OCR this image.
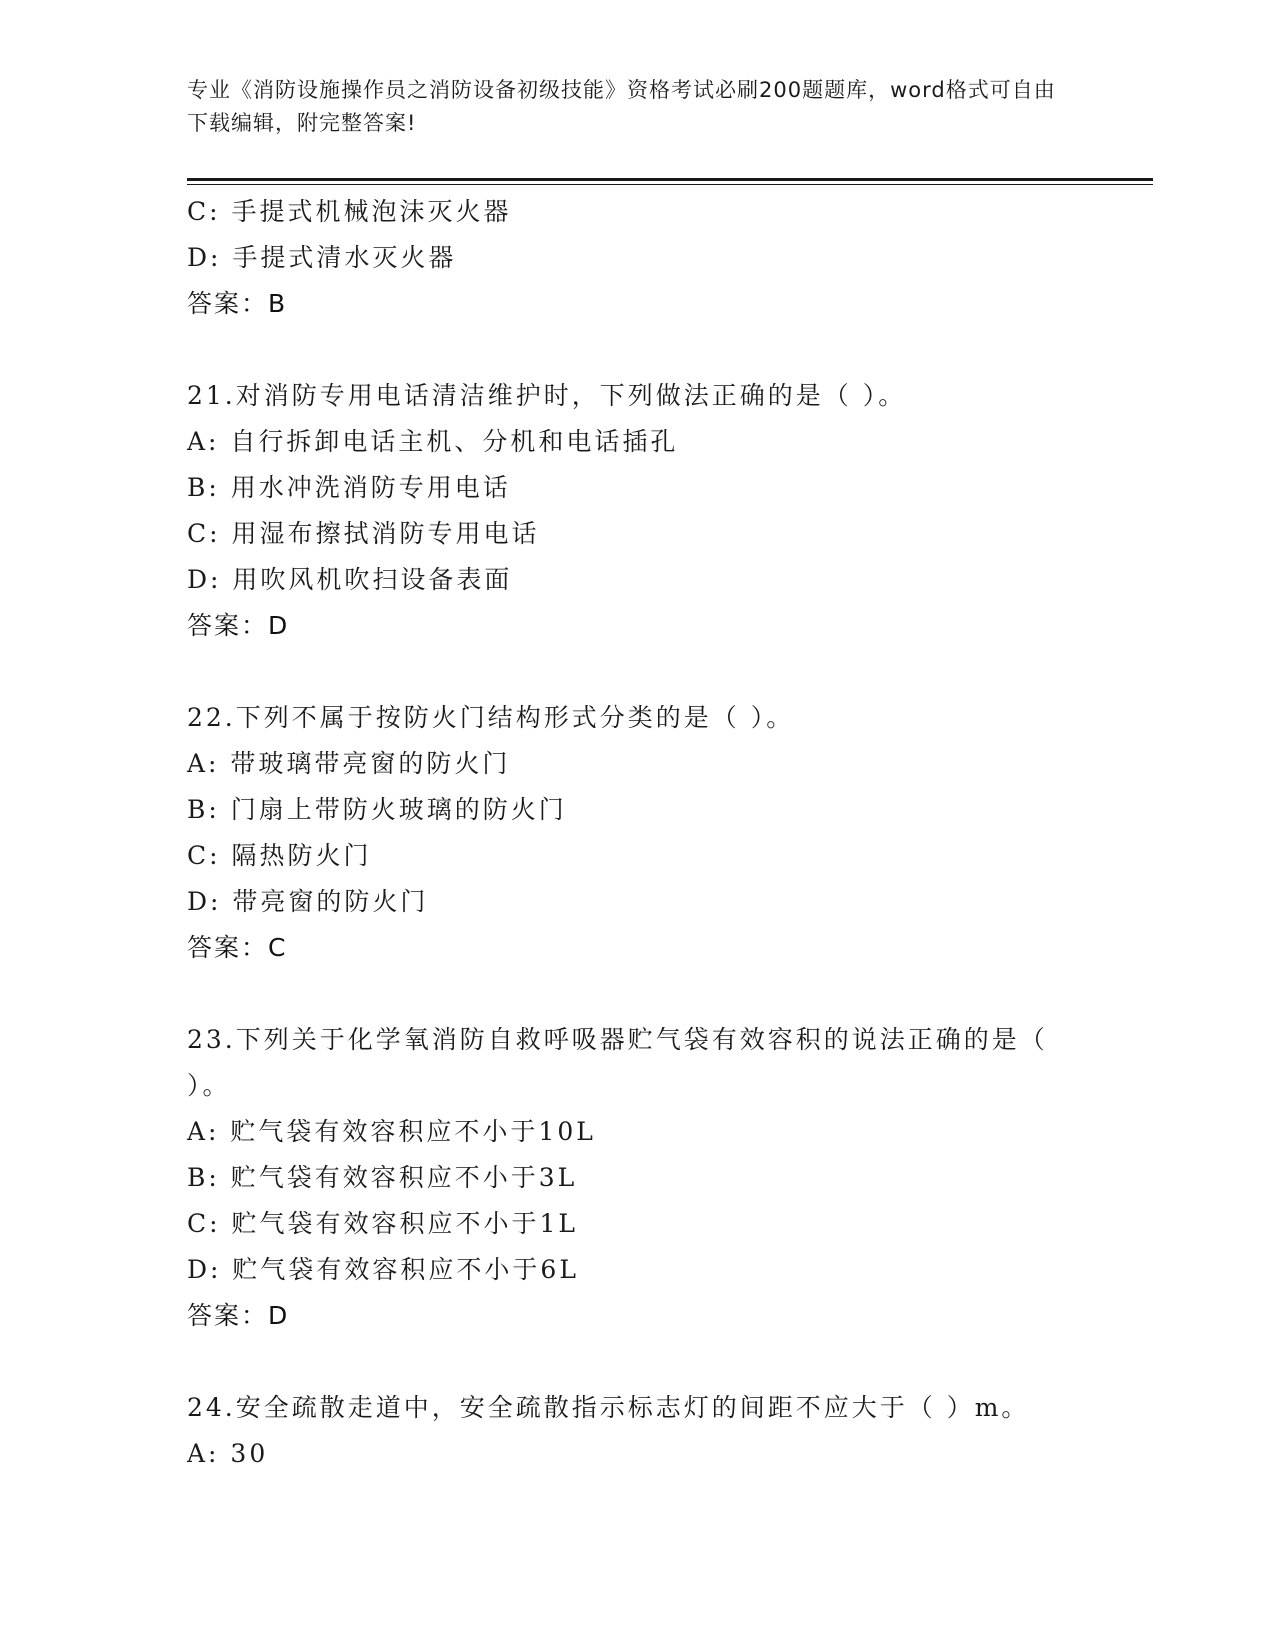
专业《消防设施操作员之消防设备初级技能》资格考试必刷200题题库，word格式可自由下载编辑，附完整答案!
C: 手提式机械泡沫灭火器
D: 手提式清水灭火器
答案：B
21.对消防专用电话清洁维护时，下列做法正确的是（ ）。
A: 自行拆卸电话主机、分机和电话插孔
B: 用水冲洗消防专用电话
C: 用湿布擦拭消防专用电话
D: 用吹风机吹扫设备表面
答案：D
22.下列不属于按防火门结构形式分类的是（ ）。
A: 带玻璃带亮窗的防火门
B: 门扇上带防火玻璃的防火门
C: 隔热防火门
D: 带亮窗的防火门
答案：C
23.下列关于化学氧消防自救呼吸器贮气袋有效容积的说法正确的是（
）。
A: 贮气袋有效容积应不小于10L
B: 贮气袋有效容积应不小于3L
C: 贮气袋有效容积应不小于1L
D: 贮气袋有效容积应不小于6L
答案：D
24.安全疏散走道中，安全疏散指示标志灯的间距不应大于（ ）m。
A: 30
